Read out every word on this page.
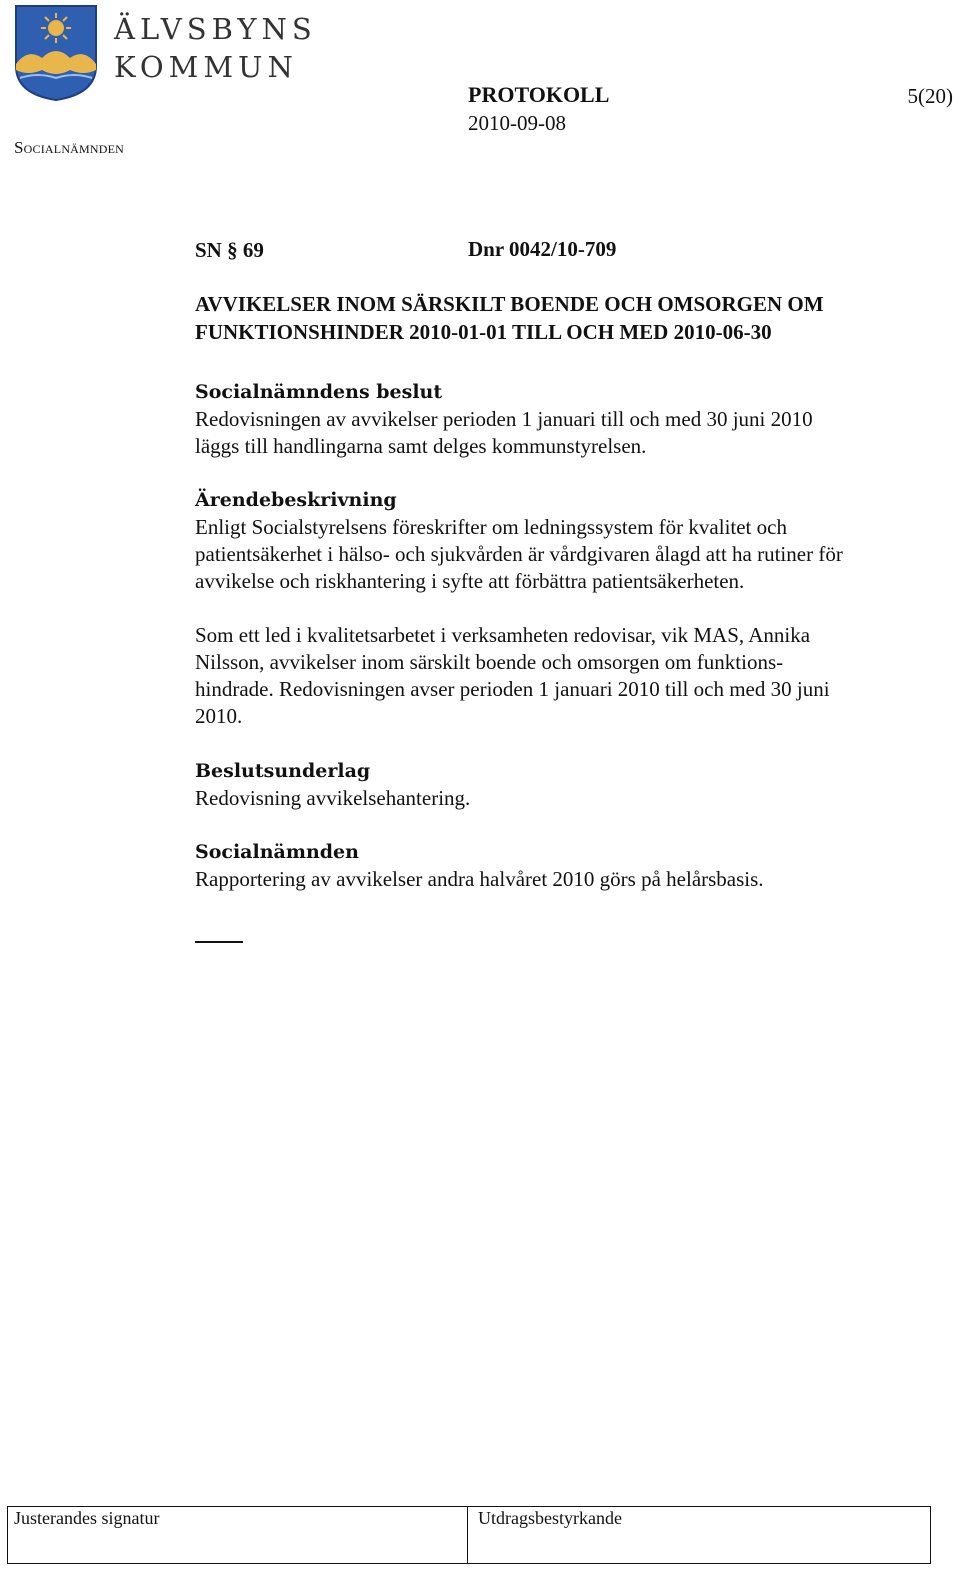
ÄLVSBYNS
KOMMUN
Socialnämnden
PROTOKOLL
2010-09-08
5(20)
SN § 69	Dnr 0042/10-709
AVVIKELSER INOM SÄRSKILT BOENDE OCH OMSORGEN OM
FUNKTIONSHINDER 2010-01-01 TILL OCH MED 2010-06-30
Socialnämndens beslut
Redovisningen av avvikelser perioden 1 januari till och med 30 juni 2010
läggs till handlingarna samt delges kommunstyrelsen.
Ärendebeskrivning
Enligt Socialstyrelsens föreskrifter om ledningssystem för kvalitet och
patientsäkerhet i hälso- och sjukvården är vårdgivaren ålagd att ha rutiner för
avvikelse och riskhantering i syfte att förbättra patientsäkerheten.
Som ett led i kvalitetsarbetet i verksamheten redovisar, vik MAS, Annika
Nilsson, avvikelser inom särskilt boende och omsorgen om funktions-
hindrade. Redovisningen avser perioden 1 januari 2010 till och med 30 juni
2010.
Beslutsunderlag
Redovisning avvikelsehantering.
Socialnämnden
Rapportering av avvikelser andra halvåret 2010 görs på helårsbasis.
Justerandes signatur	Utdragsbestyrkande
